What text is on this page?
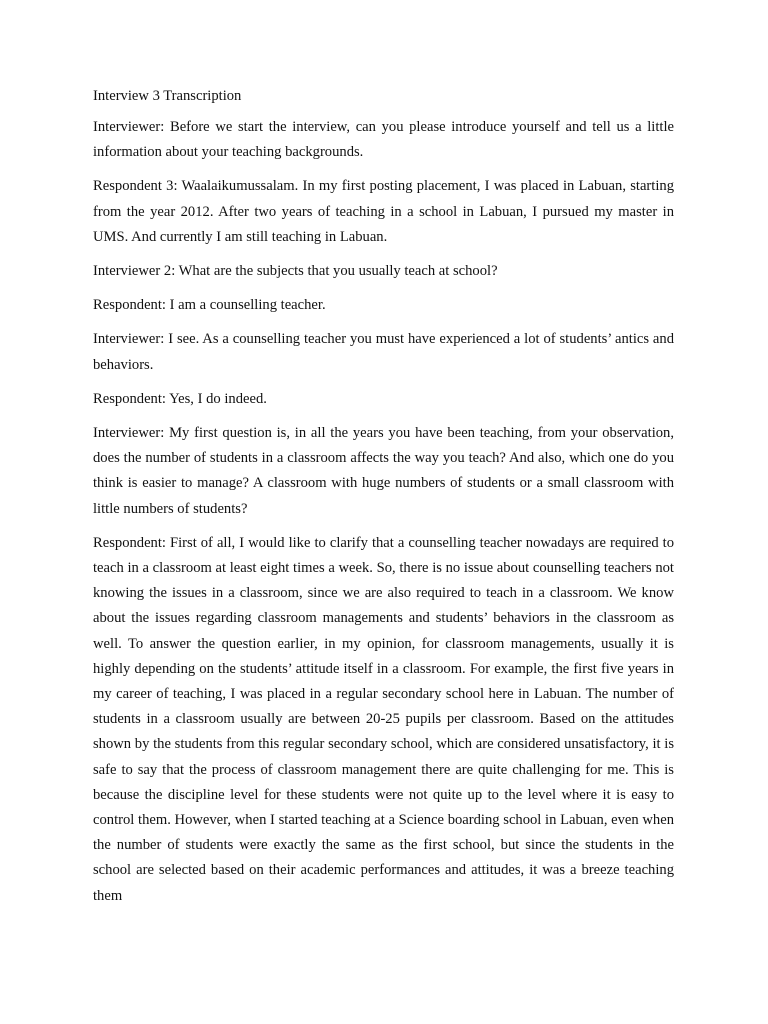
Interview 3 Transcription

Interviewer: Before we start the interview, can you please introduce yourself and tell us a little information about your teaching backgrounds.

Respondent 3: Waalaikumussalam. In my first posting placement, I was placed in Labuan, starting from the year 2012. After two years of teaching in a school in Labuan, I pursued my master in UMS. And currently I am still teaching in Labuan.

Interviewer 2: What are the subjects that you usually teach at school?

Respondent: I am a counselling teacher.

Interviewer: I see. As a counselling teacher you must have experienced a lot of students’ antics and behaviors.

Respondent: Yes, I do indeed.

Interviewer: My first question is, in all the years you have been teaching, from your observation, does the number of students in a classroom affects the way you teach? And also, which one do you think is easier to manage? A classroom with huge numbers of students or a small classroom with little numbers of students?

Respondent: First of all, I would like to clarify that a counselling teacher nowadays are required to teach in a classroom at least eight times a week. So, there is no issue about counselling teachers not knowing the issues in a classroom, since we are also required to teach in a classroom. We know about the issues regarding classroom managements and students’ behaviors in the classroom as well. To answer the question earlier, in my opinion, for classroom managements, usually it is highly depending on the students’ attitude itself in a classroom. For example, the first five years in my career of teaching, I was placed in a regular secondary school here in Labuan. The number of students in a classroom usually are between 20-25 pupils per classroom. Based on the attitudes shown by the students from this regular secondary school, which are considered unsatisfactory, it is safe to say that the process of classroom management there are quite challenging for me. This is because the discipline level for these students were not quite up to the level where it is easy to control them. However, when I started teaching at a Science boarding school in Labuan, even when the number of students were exactly the same as the first school, but since the students in the school are selected based on their academic performances and attitudes, it was a breeze teaching them
